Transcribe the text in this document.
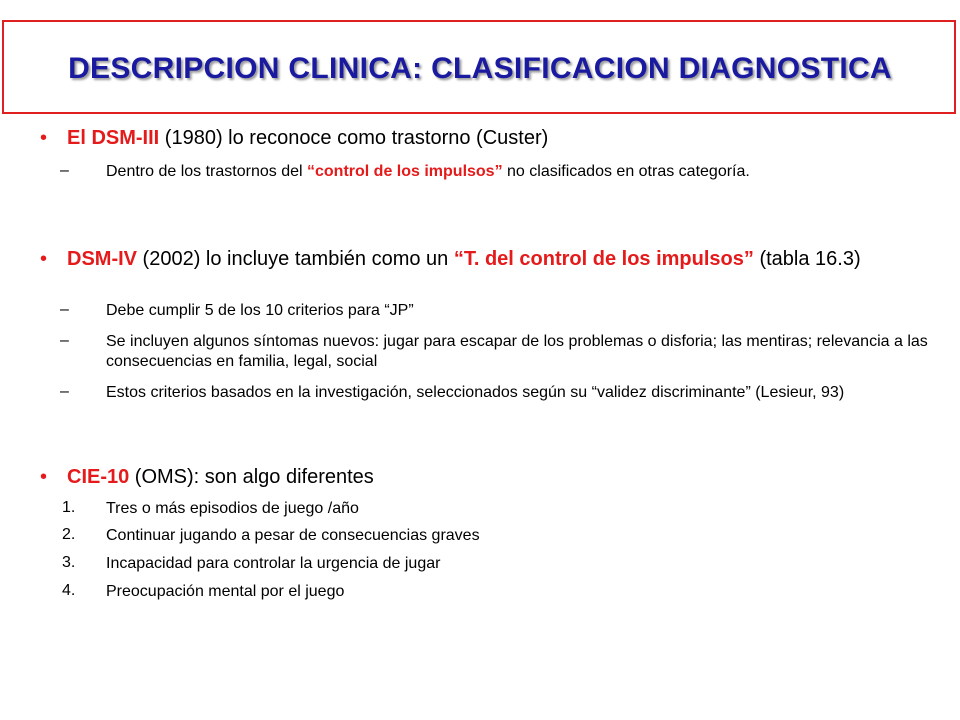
DESCRIPCION CLINICA: CLASIFICACION DIAGNOSTICA
• El DSM-III (1980) lo reconoce como trastorno (Custer)
– Dentro de los trastornos del “control de los impulsos” no clasificados en otras categoría.
• DSM-IV (2002) lo incluye también como un “T. del control de los impulsos” (tabla 16.3)
– Debe cumplir 5 de los 10 criterios para “JP”
– Se incluyen algunos síntomas nuevos: jugar para escapar de los problemas o disforia; las mentiras; relevancia a las consecuencias en familia, legal, social
– Estos criterios basados en la investigación, seleccionados según su “validez discriminante” (Lesieur, 93)
• CIE-10 (OMS): son algo diferentes
1. Tres o más episodios de juego /año
2. Continuar jugando a pesar de consecuencias graves
3. Incapacidad para controlar la urgencia de jugar
4. Preocupación mental por el juego
